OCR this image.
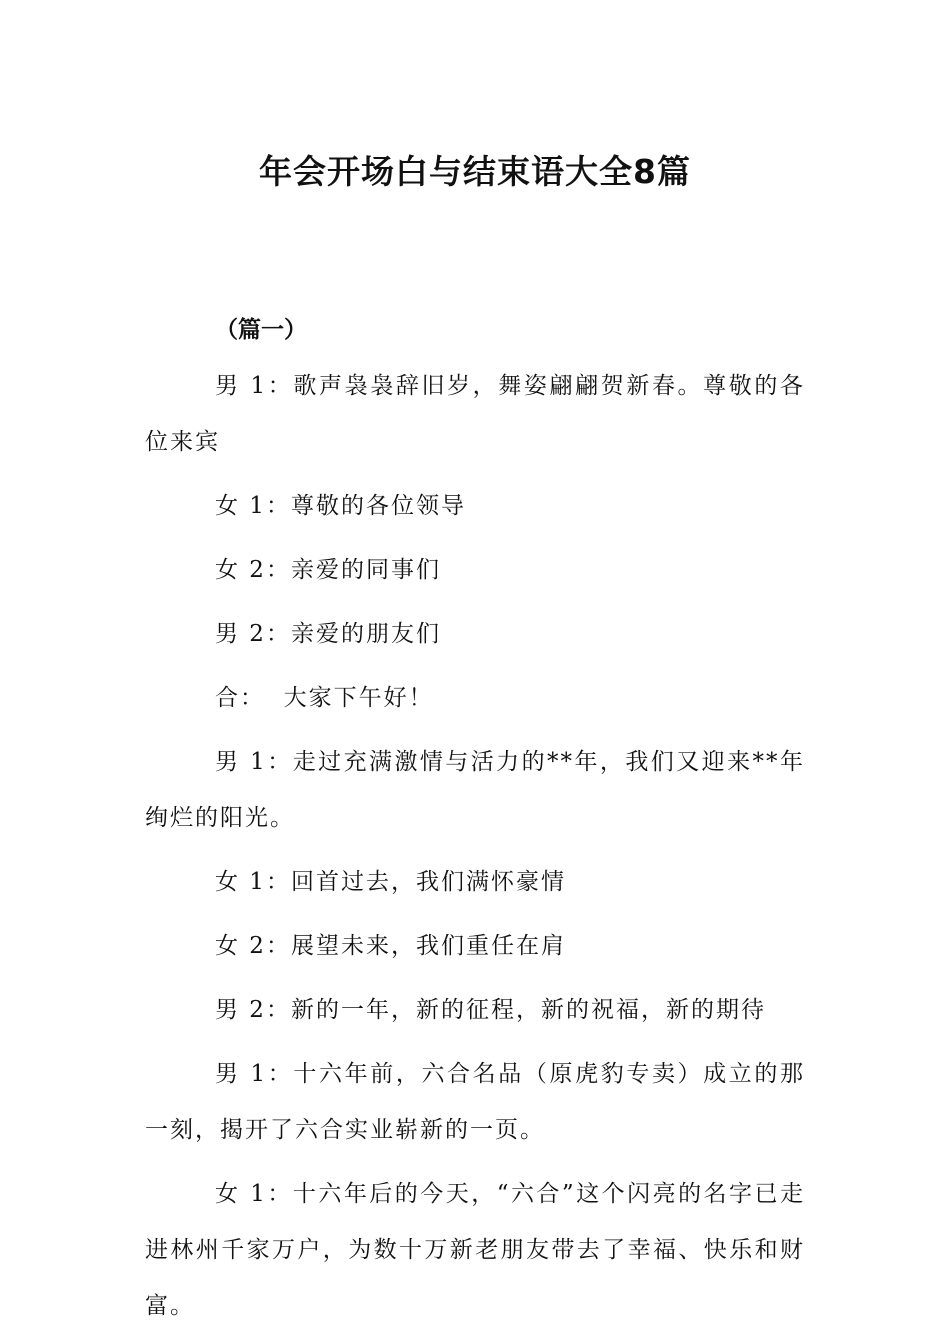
年会开场白与结束语大全8篇
（篇一）

男 1：歌声袅袅辞旧岁，舞姿翩翩贺新春。尊敬的各位来宾

女 1：尊敬的各位领导

女 2：亲爱的同事们

男 2：亲爱的朋友们

合：  大家下午好！

男 1：走过充满激情与活力的**年，我们又迎来**年绚烂的阳光。

女 1：回首过去，我们满怀豪情

女 2：展望未来，我们重任在肩

男 2：新的一年，新的征程，新的祝福，新的期待

男 1：十六年前，六合名品（原虎豹专卖）成立的那一刻，揭开了六合实业崭新的一页。

女 1：十六年后的今天，“六合”这个闪亮的名字已走进林州千家万户，为数十万新老朋友带去了幸福、快乐和财富。
